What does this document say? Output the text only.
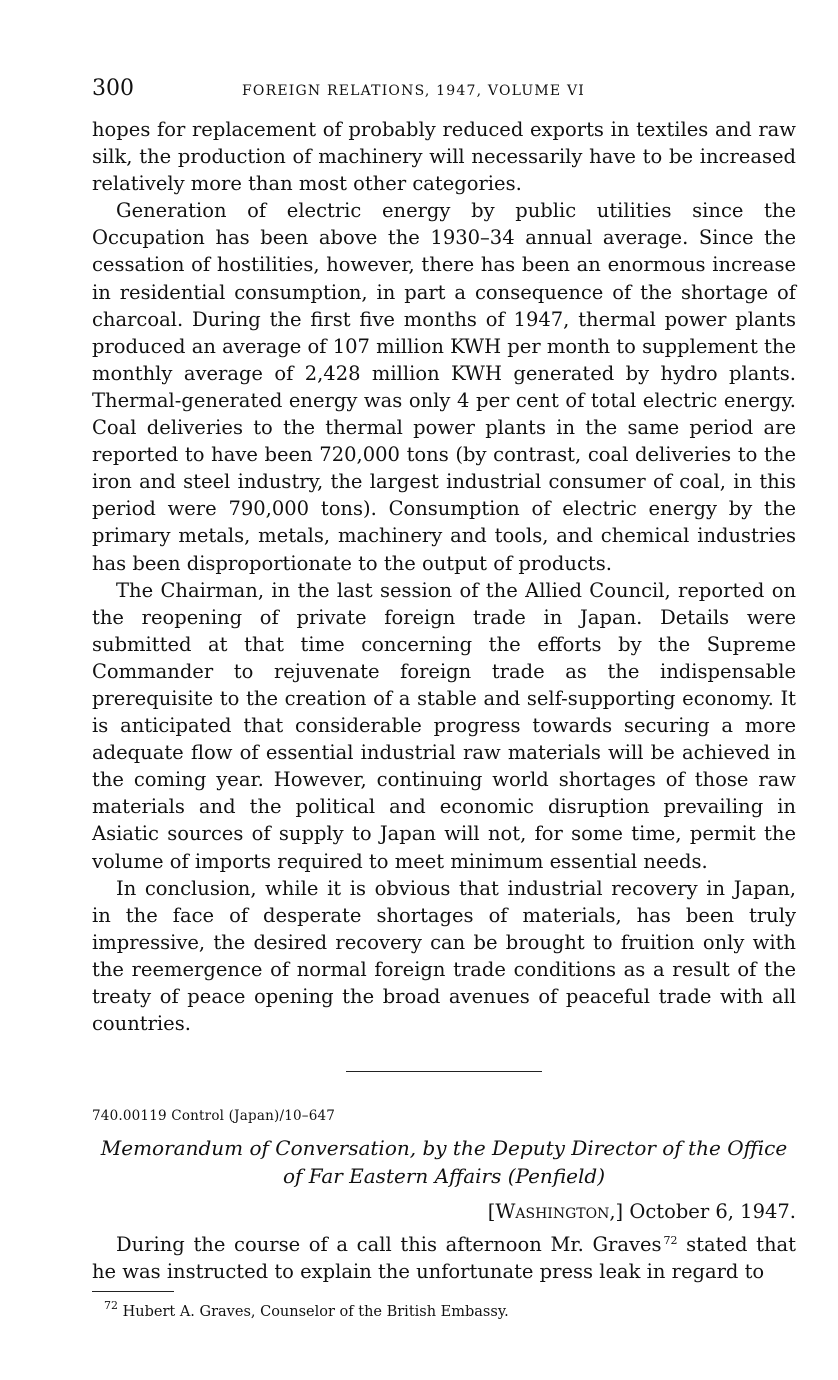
300	FOREIGN RELATIONS, 1947, VOLUME VI

hopes for replacement of probably reduced exports in textiles and raw silk, the production of machinery will necessarily have to be increased relatively more than most other categories.

Generation of electric energy by public utilities since the Occupation has been above the 1930–34 annual average. Since the cessation of hostilities, however, there has been an enormous increase in residential consumption, in part a consequence of the shortage of charcoal. During the first five months of 1947, thermal power plants produced an average of 107 million KWH per month to supplement the monthly average of 2,428 million KWH generated by hydro plants. Thermal-generated energy was only 4 per cent of total electric energy. Coal deliveries to the thermal power plants in the same period are reported to have been 720,000 tons (by contrast, coal deliveries to the iron and steel industry, the largest industrial consumer of coal, in this period were 790,000 tons). Consumption of electric energy by the primary metals, metals, machinery and tools, and chemical industries has been disproportionate to the output of products.

The Chairman, in the last session of the Allied Council, reported on the reopening of private foreign trade in Japan. Details were submitted at that time concerning the efforts by the Supreme Commander to rejuvenate foreign trade as the indispensable prerequisite to the creation of a stable and self-supporting economy. It is anticipated that considerable progress towards securing a more adequate flow of essential industrial raw materials will be achieved in the coming year. However, continuing world shortages of those raw materials and the political and economic disruption prevailing in Asiatic sources of supply to Japan will not, for some time, permit the volume of imports required to meet minimum essential needs.

In conclusion, while it is obvious that industrial recovery in Japan, in the face of desperate shortages of materials, has been truly impressive, the desired recovery can be brought to fruition only with the reemergence of normal foreign trade conditions as a result of the treaty of peace opening the broad avenues of peaceful trade with all countries.

740.00119 Control (Japan)/10–647
Memorandum of Conversation, by the Deputy Director of the Office
of Far Eastern Affairs (Penfield)
[Washington,] October 6, 1947.

During the course of a call this afternoon Mr. Graves  $^{72}$ stated that he was instructed to explain the unfortunate press leak in regard to

$^{72}$ Hubert A. Graves, Counselor of the British Embassy.
